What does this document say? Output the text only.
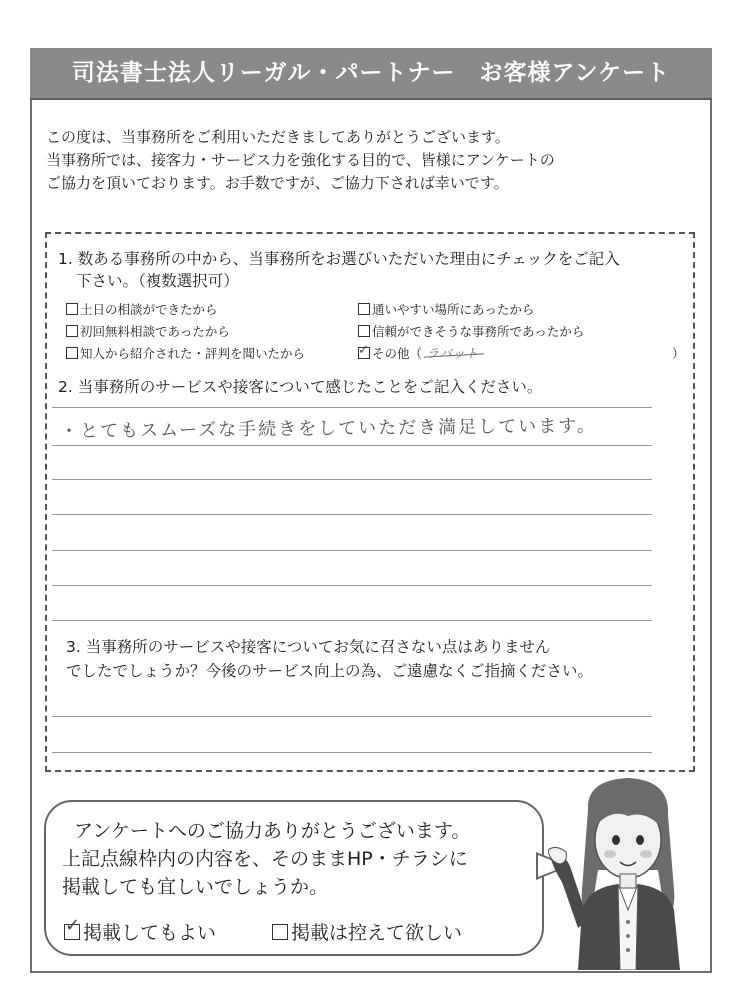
司法書士法人リーガル・パートナー　お客様アンケート
この度は、当事務所をご利用いただきましてありがとうございます。
当事務所では、接客力・サービス力を強化する目的で、皆様にアンケートの
ご協力を頂いております。お手数ですが、ご協力下されば幸いです。
1. 数ある事務所の中から、当事務所をお選びいただいた理由にチェックをご記入
下さい。（複数選択可）
土日の相談ができたから	通いやすい場所にあったから
初回無料相談であったから	信頼ができそうな事務所であったから
知人から紹介された・評判を聞いたから	✓ その他（ ラバット	）
2. 当事務所のサービスや接客について感じたことをご記入ください。
・とてもスムーズな手続きをしていただき満足しています。
3. 当事務所のサービスや接客についてお気に召さない点はありません
でしたでしょうか？今後のサービス向上の為、ご遠慮なくご指摘ください。
アンケートへのご協力ありがとうございます。
上記点線枠内の内容を、そのままHP・チラシに
掲載しても宜しいでしょうか。
✓ 掲載してもよい	掲載は控えて欲しい
